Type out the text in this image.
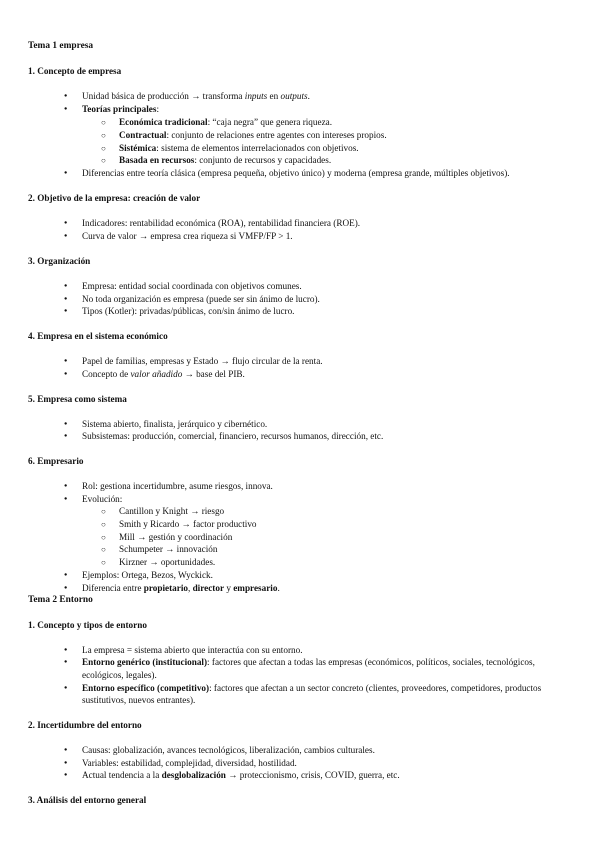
Tema 1 empresa
1. Concepto de empresa
● Unidad básica de producción → transforma inputs en outputs.
● Teorías principales:
○ Económica tradicional: “caja negra” que genera riqueza.
○ Contractual: conjunto de relaciones entre agentes con intereses propios.
○ Sistémica: sistema de elementos interrelacionados con objetivos.
○ Basada en recursos: conjunto de recursos y capacidades.
● Diferencias entre teoría clásica (empresa pequeña, objetivo único) y moderna (empresa grande, múltiples objetivos).
2. Objetivo de la empresa: creación de valor
● Indicadores: rentabilidad económica (ROA), rentabilidad financiera (ROE).
● Curva de valor → empresa crea riqueza si VMFP/FP > 1.
3. Organización
● Empresa: entidad social coordinada con objetivos comunes.
● No toda organización es empresa (puede ser sin ánimo de lucro).
● Tipos (Kotler): privadas/públicas, con/sin ánimo de lucro.
4. Empresa en el sistema económico
● Papel de familias, empresas y Estado → flujo circular de la renta.
● Concepto de valor añadido → base del PIB.
5. Empresa como sistema
● Sistema abierto, finalista, jerárquico y cibernético.
● Subsistemas: producción, comercial, financiero, recursos humanos, dirección, etc.
6. Empresario
● Rol: gestiona incertidumbre, asume riesgos, innova.
● Evolución:
○ Cantillon y Knight → riesgo
○ Smith y Ricardo → factor productivo
○ Mill → gestión y coordinación
○ Schumpeter → innovación
○ Kirzner → oportunidades.
● Ejemplos: Ortega, Bezos, Wyckick.
● Diferencia entre propietario, director y empresario.
Tema 2 Entorno
1. Concepto y tipos de entorno
● La empresa = sistema abierto que interactúa con su entorno.
● Entorno genérico (institucional): factores que afectan a todas las empresas (económicos, políticos, sociales, tecnológicos,
ecológicos, legales).
● Entorno específico (competitivo): factores que afectan a un sector concreto (clientes, proveedores, competidores, productos
sustitutivos, nuevos entrantes).
2. Incertidumbre del entorno
● Causas: globalización, avances tecnológicos, liberalización, cambios culturales.
● Variables: estabilidad, complejidad, diversidad, hostilidad.
● Actual tendencia a la desglobalización → proteccionismo, crisis, COVID, guerra, etc.
3. Análisis del entorno general
